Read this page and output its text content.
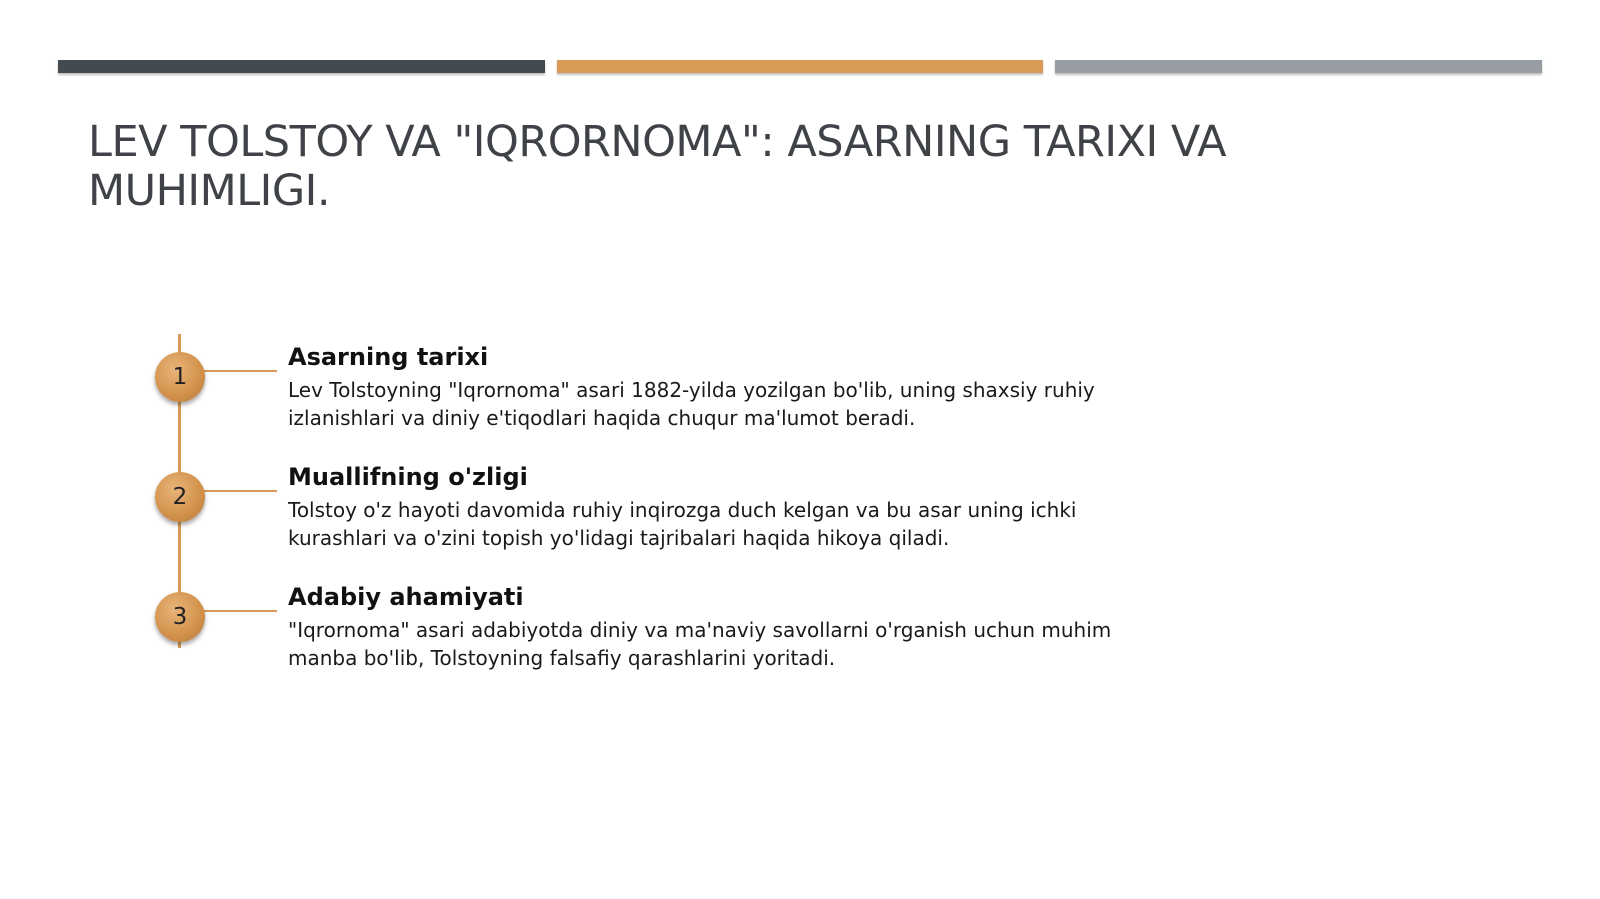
LEV TOLSTOY VA "IQRORNOMA": ASARNING TARIXI VA MUHIMLIGI.
1
2
3

Asarning tarixi

Lev Tolstoyning "Iqrornoma" asari 1882-yilda yozilgan bo'lib, uning shaxsiy ruhiy izlanishlari va diniy e'tiqodlari haqida chuqur ma'lumot beradi.

Muallifning o'zligi

Tolstoy o'z hayoti davomida ruhiy inqirozga duch kelgan va bu asar uning ichki kurashlari va o'zini topish yo'lidagi tajribalari haqida hikoya qiladi.

Adabiy ahamiyati

"Iqrornoma" asari adabiyotda diniy va ma'naviy savollarni o'rganish uchun muhim manba bo'lib, Tolstoyning falsafiy qarashlarini yoritadi.
